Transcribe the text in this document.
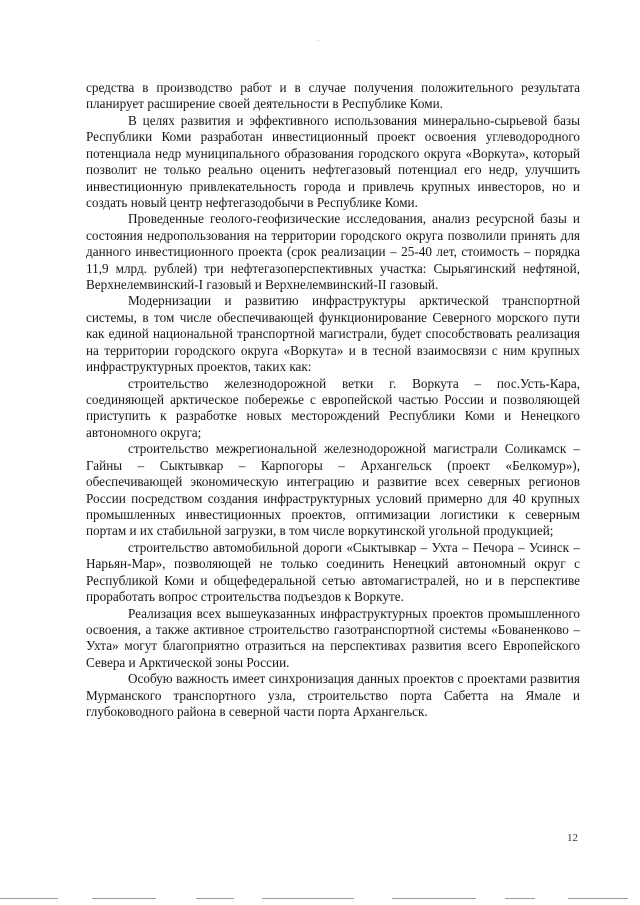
средства в производство работ и в случае получения положительного результата планирует расширение своей деятельности в Республике Коми.

В целях развития и эффективного использования минерально-сырьевой базы Республики Коми разработан инвестиционный проект освоения углеводородного потенциала недр муниципального образования городского округа «Воркута», который позволит не только реально оценить нефтегазовый потенциал его недр, улучшить инвестиционную привлекательность города и привлечь крупных инвесторов, но и создать новый центр нефтегазодобычи в Республике Коми.

Проведенные геолого-геофизические исследования, анализ ресурсной базы и состояния недропользования на территории городского округа позволили принять для данного инвестиционного проекта (срок реализации – 25-40 лет, стоимость – порядка 11,9 млрд. рублей) три нефтегазоперспективных участка: Сырьягинский нефтяной, Верхнелемвинский-I газовый и Верхнелемвинский-II газовый.

Модернизации и развитию инфраструктуры арктической транспортной системы, в том числе обеспечивающей функционирование Северного морского пути как единой национальной транспортной магистрали, будет способствовать реализация на территории городского округа «Воркута» и в тесной взаимосвязи с ним крупных инфраструктурных проектов, таких как:

строительство железнодорожной ветки г. Воркута – пос.Усть-Кара, соединяющей арктическое побережье с европейской частью России и позволяющей приступить к разработке новых месторождений Республики Коми и Ненецкого автономного округа;

строительство межрегиональной железнодорожной магистрали Соликамск – Гайны – Сыктывкар – Карпогоры – Архангельск (проект «Белкомур»), обеспечивающей экономическую интеграцию и развитие всех северных регионов России посредством создания инфраструктурных условий примерно для 40 крупных промышленных инвестиционных проектов, оптимизации логистики к северным портам и их стабильной загрузки, в том числе воркутинской угольной продукцией;

строительство автомобильной дороги «Сыктывкар – Ухта – Печора – Усинск – Нарьян-Мар», позволяющей не только соединить Ненецкий автономный округ с Республикой Коми и общефедеральной сетью автомагистралей, но и в перспективе проработать вопрос строительства подъездов к Воркуте.

Реализация всех вышеуказанных инфраструктурных проектов промышленного освоения, а также активное строительство газотранспортной системы «Бованенково – Ухта» могут благоприятно отразиться на перспективах развития всего Европейского Севера и Арктической зоны России.

Особую важность имеет синхронизация данных проектов с проектами развития Мурманского транспортного узла, строительство порта Сабетта на Ямале и глубоководного района в северной части порта Архангельск.

12
